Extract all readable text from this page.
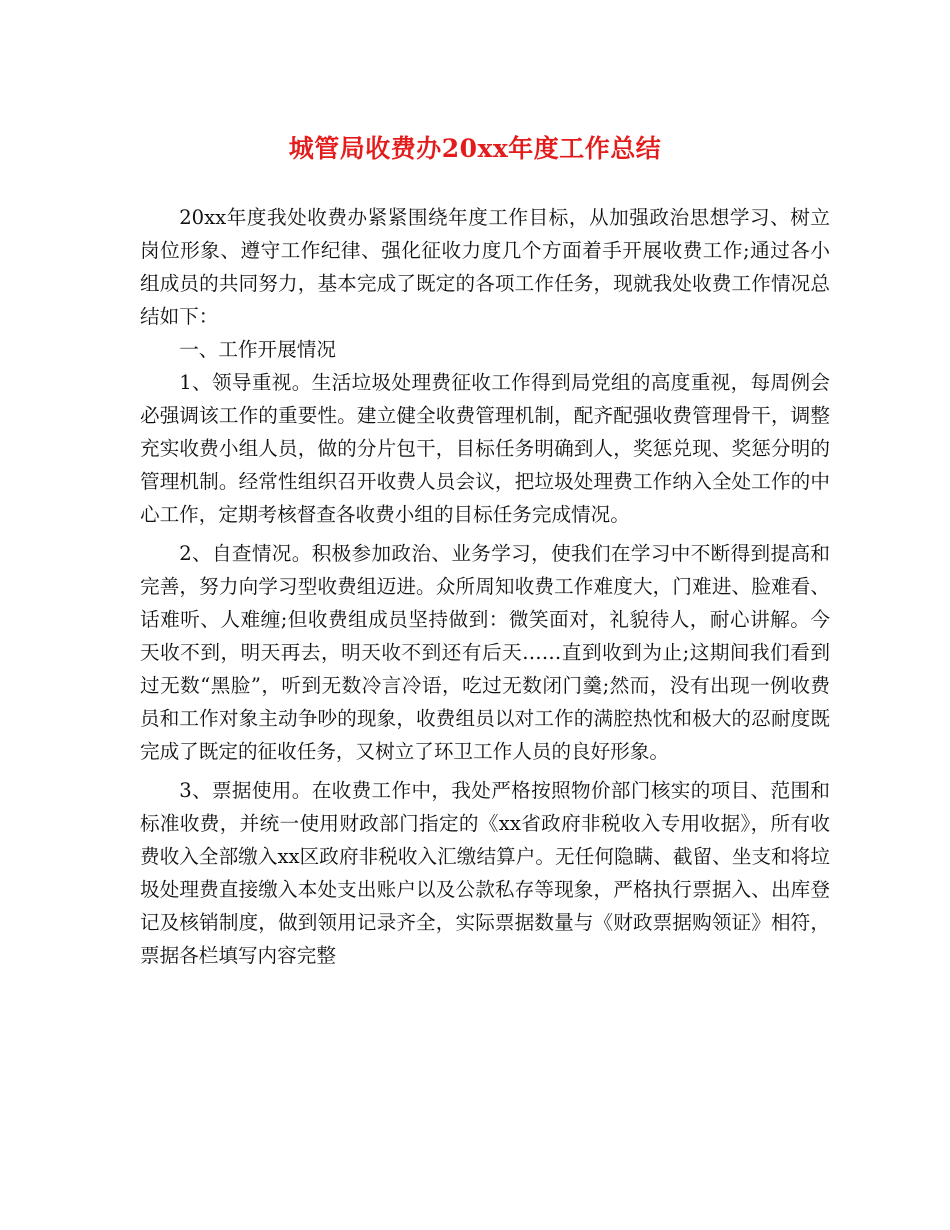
城管局收费办20xx年度工作总结

20xx年度我处收费办紧紧围绕年度工作目标，从加强政治思想学习、树立岗位形象、遵守工作纪律、强化征收力度几个方面着手开展收费工作;通过各小组成员的共同努力，基本完成了既定的各项工作任务，现就我处收费工作情况总结如下：

一、工作开展情况

1、领导重视。生活垃圾处理费征收工作得到局党组的高度重视，每周例会必强调该工作的重要性。建立健全收费管理机制，配齐配强收费管理骨干，调整充实收费小组人员，做的分片包干，目标任务明确到人，奖惩兑现、奖惩分明的管理机制。经常性组织召开收费人员会议，把垃圾处理费工作纳入全处工作的中心工作，定期考核督查各收费小组的目标任务完成情况。

2、自查情况。积极参加政治、业务学习，使我们在学习中不断得到提高和完善，努力向学习型收费组迈进。众所周知收费工作难度大，门难进、脸难看、话难听、人难缠;但收费组成员坚持做到：微笑面对，礼貌待人，耐心讲解。今天收不到，明天再去，明天收不到还有后天……直到收到为止;这期间我们看到过无数“黑脸”，听到无数冷言冷语，吃过无数闭门羹;然而，没有出现一例收费员和工作对象主动争吵的现象，收费组员以对工作的满腔热忱和极大的忍耐度既完成了既定的征收任务，又树立了环卫工作人员的良好形象。

3、票据使用。在收费工作中，我处严格按照物价部门核实的项目、范围和标准收费，并统一使用财政部门指定的《xx省政府非税收入专用收据》，所有收费收入全部缴入xx区政府非税收入汇缴结算户。无任何隐瞒、截留、坐支和将垃圾处理费直接缴入本处支出账户以及公款私存等现象，严格执行票据入、出库登记及核销制度，做到领用记录齐全，实际票据数量与《财政票据购领证》相符，票据各栏填写内容完整
